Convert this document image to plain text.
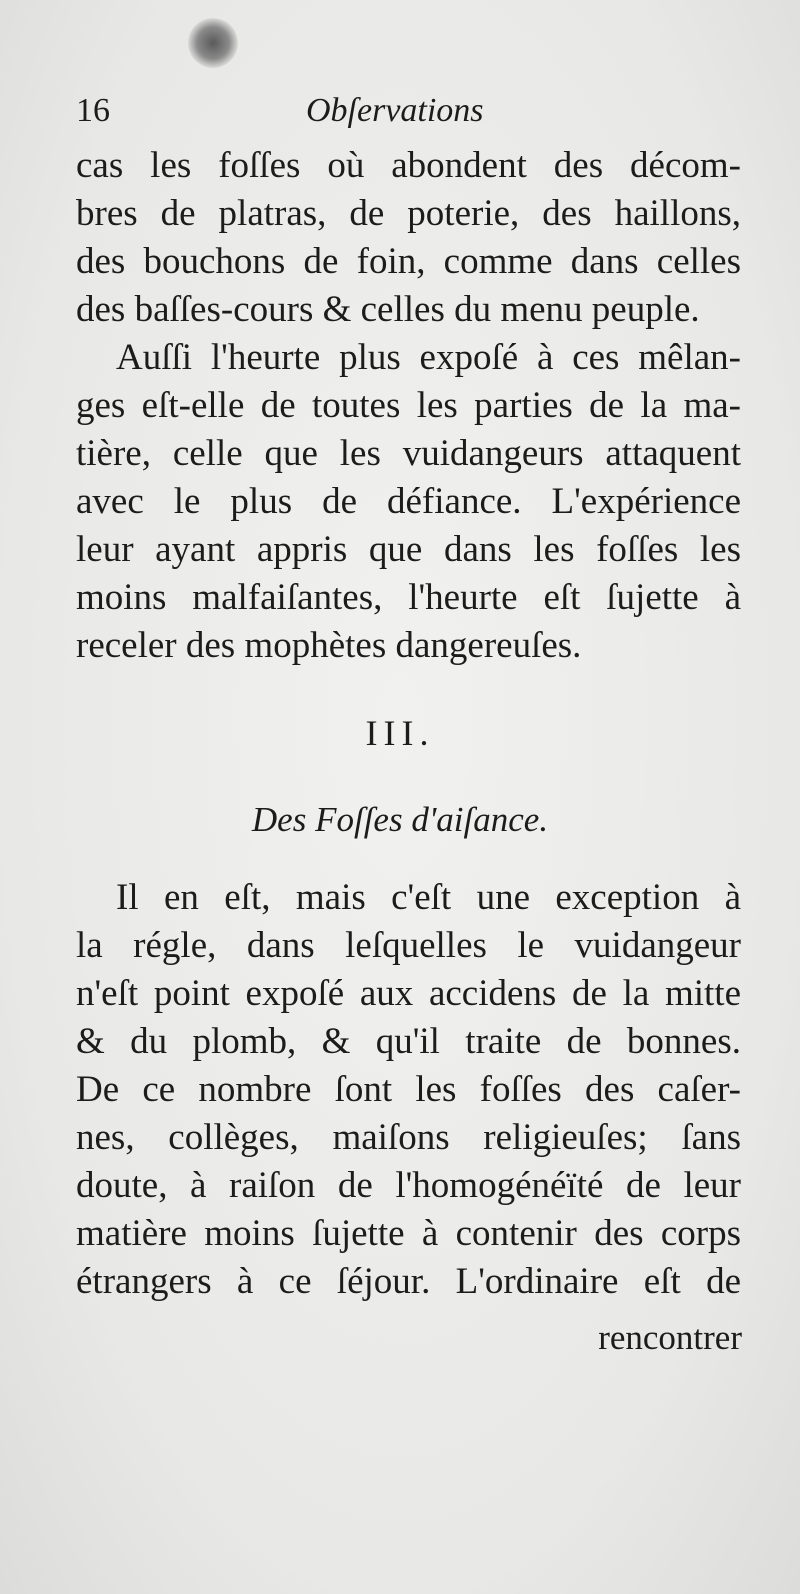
16	Obſervations
cas les foſſes où abondent des décom-
bres de platras, de poterie, des haillons,
des bouchons de foin, comme dans celles
des baſſes-cours & celles du menu peuple.
Auſſi l'heurte plus expoſé à ces mêlan-
ges eſt-elle de toutes les parties de la ma-
tière, celle que les vuidangeurs attaquent
avec le plus de défiance. L'expérience
leur ayant appris que dans les foſſes les
moins malfaiſantes, l'heurte eſt ſujette à
receler des mophètes dangereuſes.
III.
Des Foſſes d'aiſance.
Il en eſt, mais c'eſt une exception à
la régle, dans leſquelles le vuidangeur
n'eſt point expoſé aux accidens de la mitte
& du plomb, & qu'il traite de bonnes.
De ce nombre ſont les foſſes des caſer-
nes, collèges, maiſons religieuſes; ſans
doute, à raiſon de l'homogénéïté de leur
matière moins ſujette à contenir des corps
étrangers à ce ſéjour. L'ordinaire eſt de
rencontrer
